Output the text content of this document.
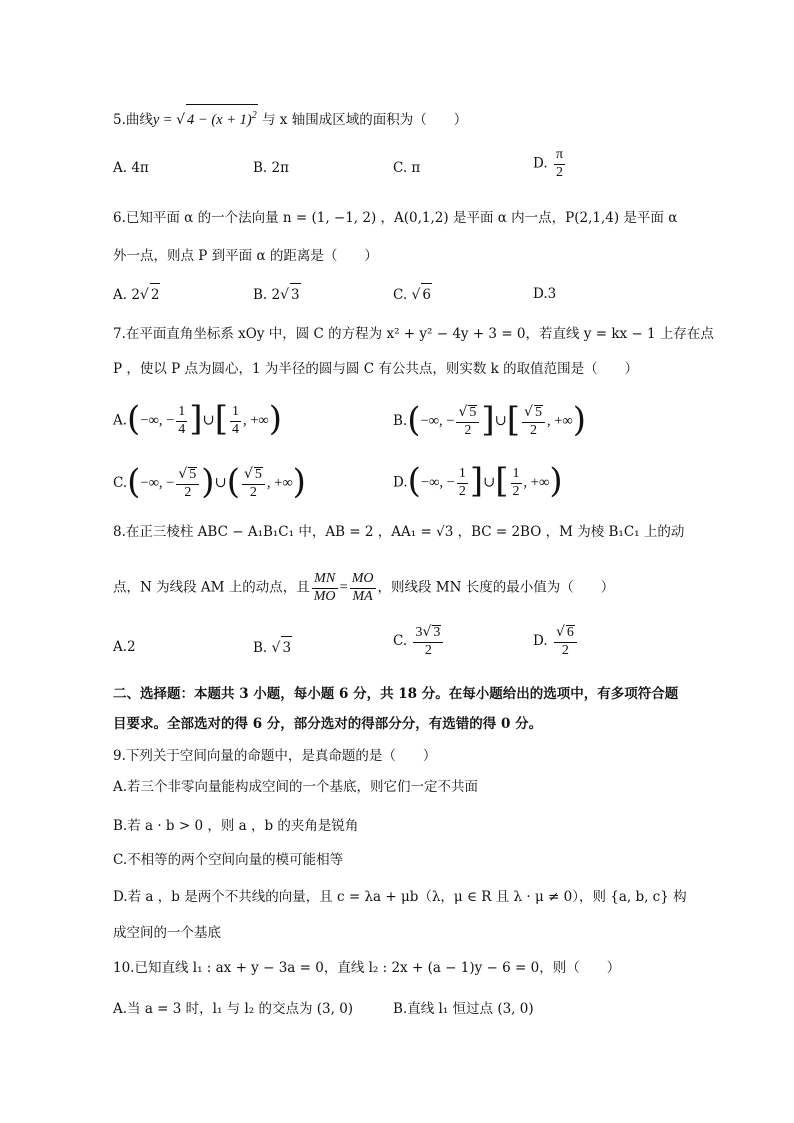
5.曲线y = √ $4 - (x + 1)^2$ 与 x 轴围成区域的面积为（　　）
A. 4π	B. 2π	C. π	D. $\frac{\pi}{2}$
6.已知平面 α 的一个法向量 n = (1, −1, 2) ，A(0,1,2) 是平面 α 内一点，P(2,1,4) 是平面 α
外一点，则点 P 到平面 α 的距离是（　　）
A. 2√ 2	B. 2√ 3	C. √ 6	D.3
7.在平面直角坐标系 xOy 中，圆 C 的方程为 x² + y² − 4y + 3 = 0，若直线 y = kx − 1 上存在点
P ，使以 P 点为圆心，1 为半径的圆与圆 C 有公共点，则实数 k 的取值范围是（　　）
A.(−∞, − $\frac{1}{4}$ ]∪[ $\frac{1}{4}$ , +∞)	B.(−∞, − $\frac{√ 5}{2}$ ]∪[ $\frac{√ 5}{2}$ , +∞)
C.(−∞, − $\frac{√ 5}{2}$ )∪( $\frac{√ 5}{2}$ , +∞)	D.(−∞, − $\frac{1}{2}$ ]∪[ $\frac{1}{2}$ , +∞)
8.在正三棱柱 ABC − A₁B₁C₁ 中，AB = 2 ，AA₁ = √3 ，BC = 2BO ，M 为棱 B₁C₁ 上的动
点，N 为线段 AM 上的动点，且 $\frac{MN}{MO} = \frac{MO}{MA}$ ，则线段 MN 长度的最小值为（　　）
A.2	B. √ 3	C. $\frac{3√ 3}{2}$	D. $\frac{√ 6}{2}$
二、选择题：本题共 3 小题，每小题 6 分，共 18 分。在每小题给出的选项中，有多项符合题
目要求。全部选对的得 6 分，部分选对的得部分分，有选错的得 0 分。
9.下列关于空间向量的命题中，是真命题的是（　　）
A.若三个非零向量能构成空间的一个基底，则它们一定不共面
B.若 a · b > 0 ，则 a ，b 的夹角是锐角
C.不相等的两个空间向量的模可能相等
D.若 a ，b 是两个不共线的向量，且 c = λa + μb（λ，μ ∈ R 且 λ · μ ≠ 0），则 {a, b, c} 构
成空间的一个基底
10.已知直线 l₁ : ax + y − 3a = 0，直线 l₂ : 2x + (a − 1)y − 6 = 0，则（　　）
A.当 a = 3 时，l₁ 与 l₂ 的交点为 (3, 0)	B.直线 l₁ 恒过点 (3, 0)
